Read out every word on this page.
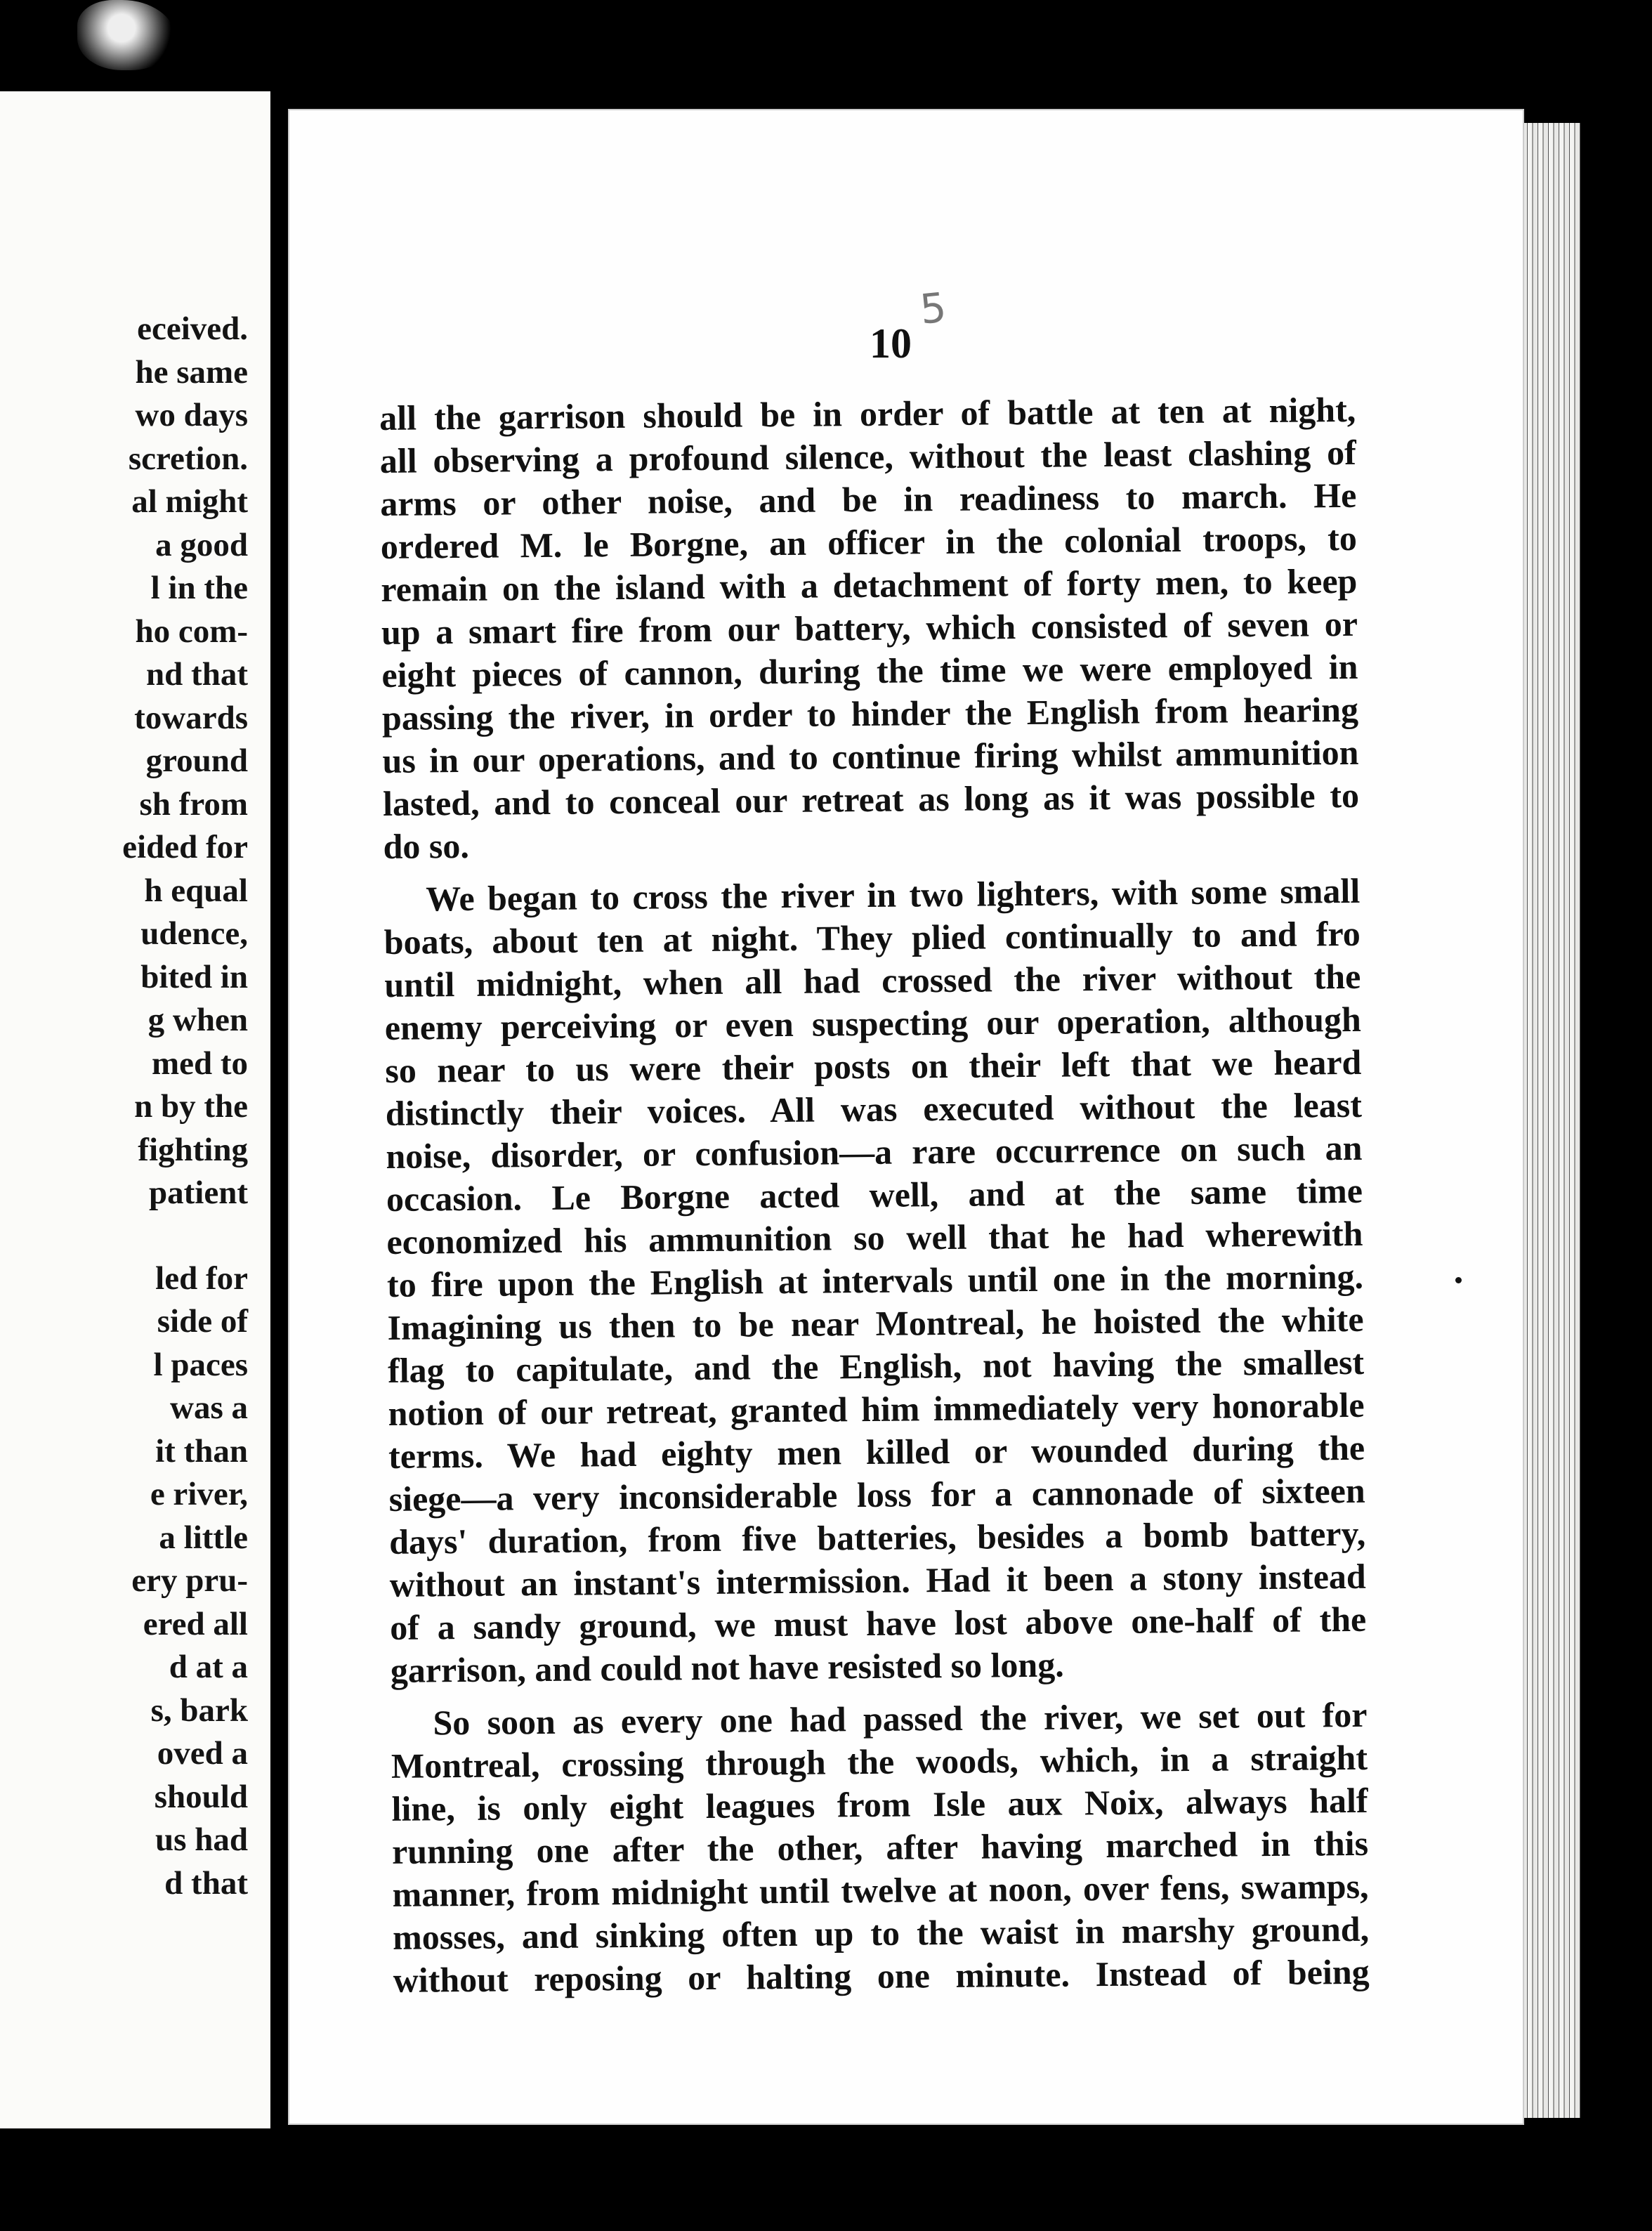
eceived.
he same
wo days
scretion.
al might
a good
l in the
ho com-
nd that
towards
ground
sh from
eided for
h equal
udence,
bited in
g when
med to
n by the
fighting
patient
led for
side of
l paces
was a
it than
e river,
a little
ery pru-
ered all
d at a
s, bark
oved a
should
us had
d that
5
10
all the garrison should be in order of battle at ten at night,
all observing a profound silence, without the least clashing of
arms or other noise, and be in readiness to march. He
ordered M. le Borgne, an officer in the colonial troops, to
remain on the island with a detachment of forty men, to keep
up a smart fire from our battery, which consisted of seven or
eight pieces of cannon, during the time we were employed in
passing the river, in order to hinder the English from hearing
us in our operations, and to continue firing whilst ammunition
lasted, and to conceal our retreat as long as it was possible to
do so.
We began to cross the river in two lighters, with some small
boats, about ten at night. They plied continually to and fro
until midnight, when all had crossed the river without the
enemy perceiving or even suspecting our operation, although
so near to us were their posts on their left that we heard
distinctly their voices. All was executed without the least
noise, disorder, or confusion—a rare occurrence on such an
occasion. Le Borgne acted well, and at the same time
economized his ammunition so well that he had wherewith
to fire upon the English at intervals until one in the morning.
Imagining us then to be near Montreal, he hoisted the white
flag to capitulate, and the English, not having the smallest
notion of our retreat, granted him immediately very honorable
terms. We had eighty men killed or wounded during the
siege—a very inconsiderable loss for a cannonade of sixteen
days' duration, from five batteries, besides a bomb battery,
without an instant's intermission. Had it been a stony instead
of a sandy ground, we must have lost above one-half of the
garrison, and could not have resisted so long.
So soon as every one had passed the river, we set out for
Montreal, crossing through the woods, which, in a straight
line, is only eight leagues from Isle aux Noix, always half
running one after the other, after having marched in this
manner, from midnight until twelve at noon, over fens, swamps,
mosses, and sinking often up to the waist in marshy ground,
without reposing or halting one minute. Instead of being
